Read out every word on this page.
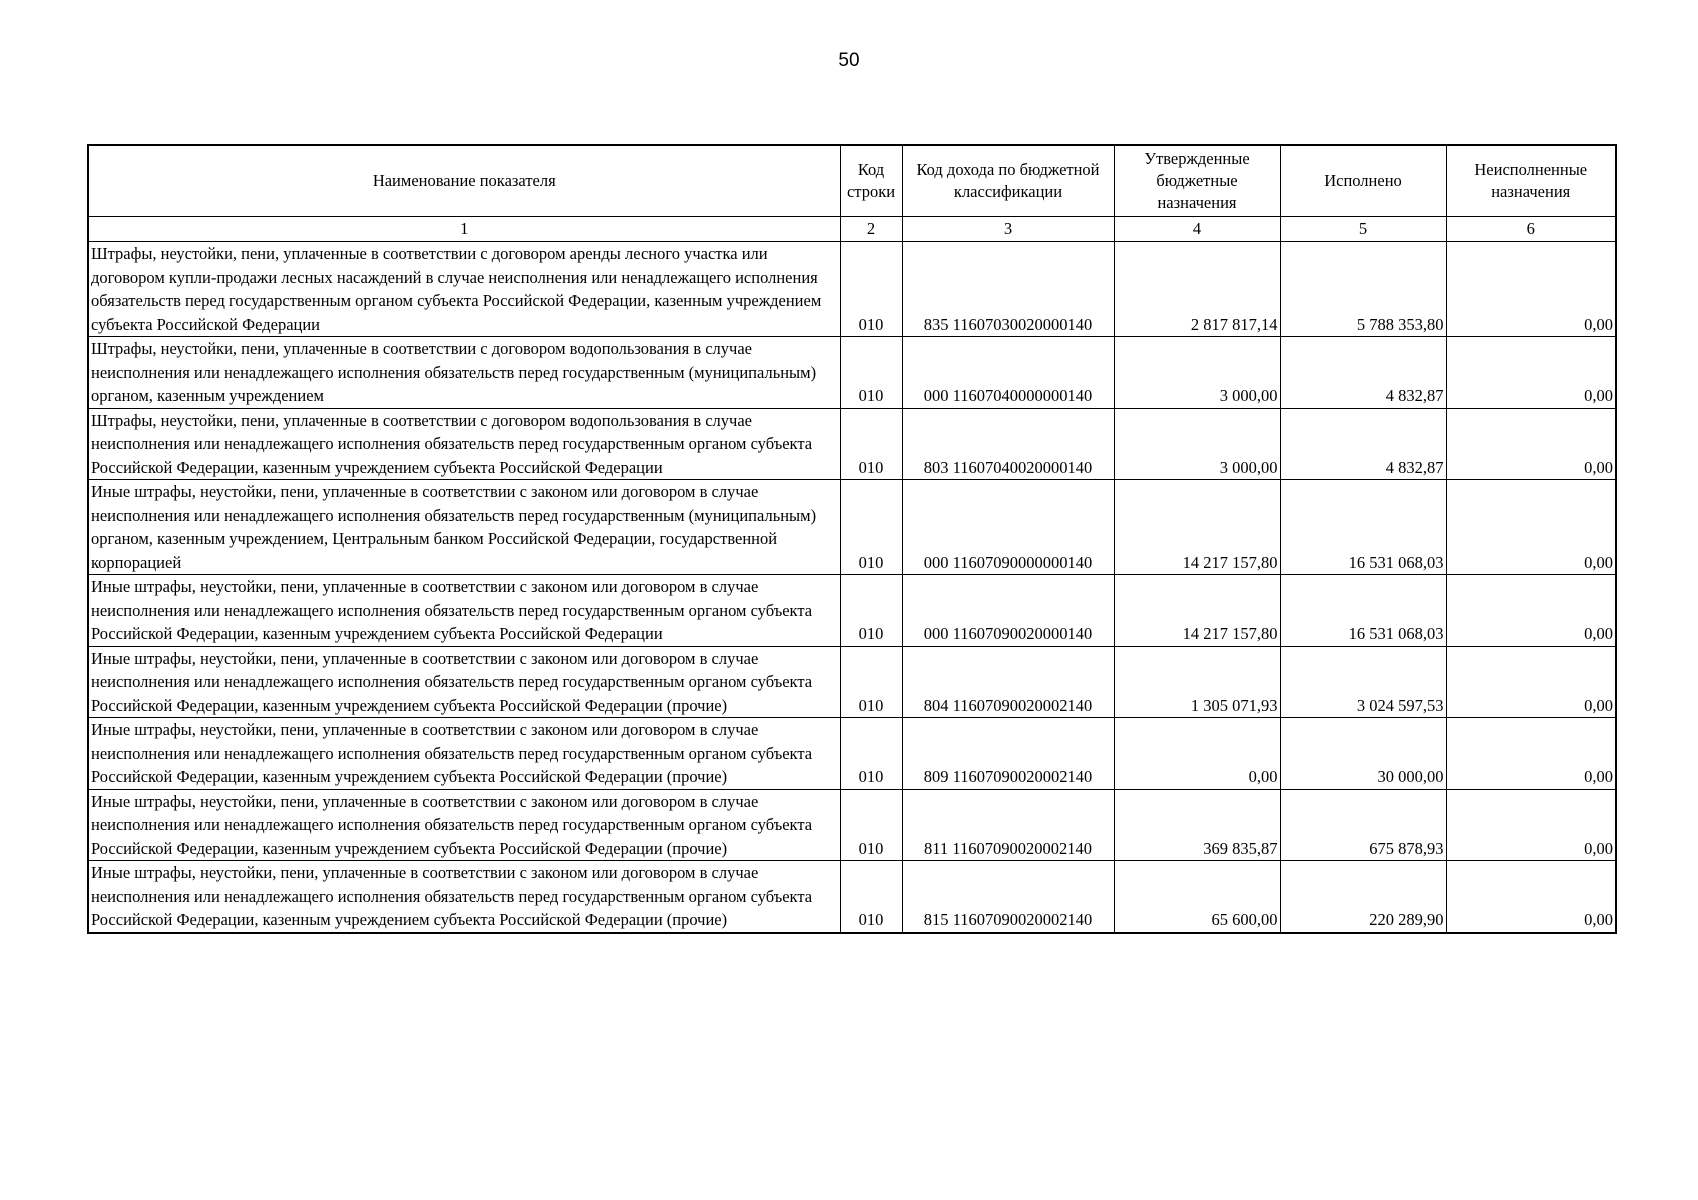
50
Наименование показателя	Код строки	Код дохода по бюджетной классификации	Утвержденные бюджетные назначения	Исполнено	Неисполненные назначения
1	2	3	4	5	6
Штрафы, неустойки, пени, уплаченные в соответствии с договором аренды лесного участка или договором купли-продажи лесных насаждений в случае неисполнения или ненадлежащего исполнения обязательств перед государственным органом субъекта Российской Федерации, казенным учреждением субъекта Российской Федерации	010	835 11607030020000140	2 817 817,14	5 788 353,80	0,00
Штрафы, неустойки, пени, уплаченные в соответствии с договором водопользования в случае неисполнения или ненадлежащего исполнения обязательств перед государственным (муниципальным) органом, казенным учреждением	010	000 11607040000000140	3 000,00	4 832,87	0,00
Штрафы, неустойки, пени, уплаченные в соответствии с договором водопользования в случае неисполнения или ненадлежащего исполнения обязательств перед государственным органом субъекта Российской Федерации, казенным учреждением субъекта Российской Федерации	010	803 11607040020000140	3 000,00	4 832,87	0,00
Иные штрафы, неустойки, пени, уплаченные в соответствии с законом или договором в случае неисполнения или ненадлежащего исполнения обязательств перед государственным (муниципальным) органом, казенным учреждением, Центральным банком Российской Федерации, государственной корпорацией	010	000 11607090000000140	14 217 157,80	16 531 068,03	0,00
Иные штрафы, неустойки, пени, уплаченные в соответствии с законом или договором в случае неисполнения или ненадлежащего исполнения обязательств перед государственным органом субъекта Российской Федерации, казенным учреждением субъекта Российской Федерации	010	000 11607090020000140	14 217 157,80	16 531 068,03	0,00
Иные штрафы, неустойки, пени, уплаченные в соответствии с законом или договором в случае неисполнения или ненадлежащего исполнения обязательств перед государственным органом субъекта Российской Федерации, казенным учреждением субъекта Российской Федерации (прочие)	010	804 11607090020002140	1 305 071,93	3 024 597,53	0,00
Иные штрафы, неустойки, пени, уплаченные в соответствии с законом или договором в случае неисполнения или ненадлежащего исполнения обязательств перед государственным органом субъекта Российской Федерации, казенным учреждением субъекта Российской Федерации (прочие)	010	809 11607090020002140	0,00	30 000,00	0,00
Иные штрафы, неустойки, пени, уплаченные в соответствии с законом или договором в случае неисполнения или ненадлежащего исполнения обязательств перед государственным органом субъекта Российской Федерации, казенным учреждением субъекта Российской Федерации (прочие)	010	811 11607090020002140	369 835,87	675 878,93	0,00
Иные штрафы, неустойки, пени, уплаченные в соответствии с законом или договором в случае неисполнения или ненадлежащего исполнения обязательств перед государственным органом субъекта Российской Федерации, казенным учреждением субъекта Российской Федерации (прочие)	010	815 11607090020002140	65 600,00	220 289,90	0,00
